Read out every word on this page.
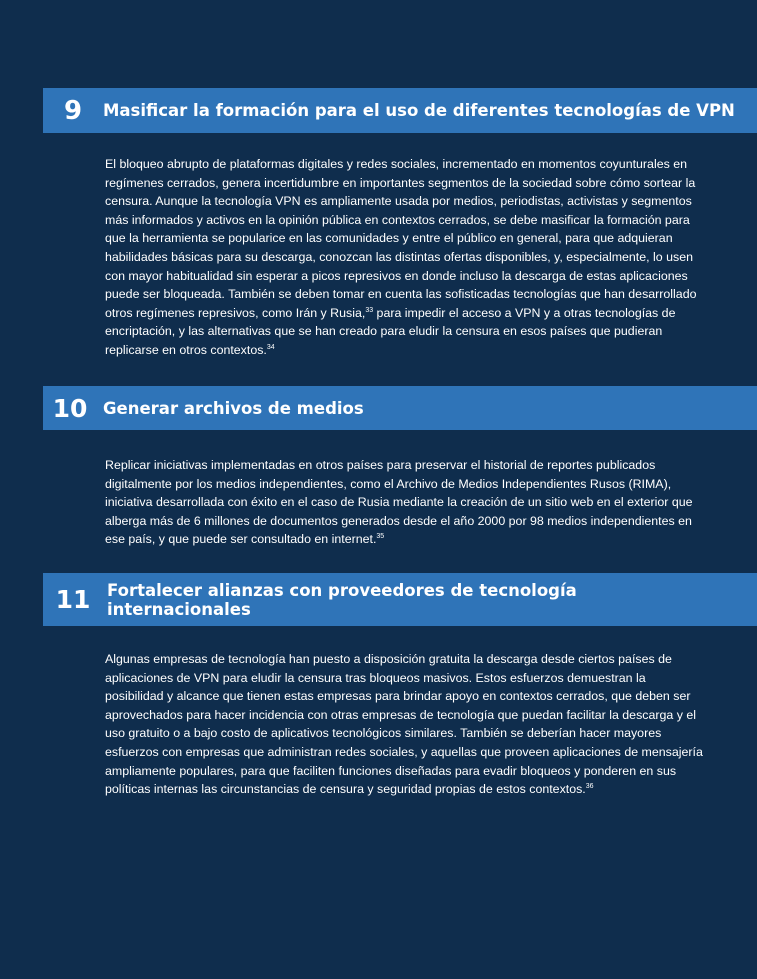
9	Masificar la formación para el uso de diferentes tecnologías de VPN

El bloqueo abrupto de plataformas digitales y redes sociales, incrementado en momentos coyunturales en regímenes cerrados, genera incertidumbre en importantes segmentos de la sociedad sobre cómo sortear la censura. Aunque la tecnología VPN es ampliamente usada por medios, periodistas, activistas y segmentos más informados y activos en la opinión pública en contextos cerrados, se debe masificar la formación para que la herramienta se popularice en las comunidades y entre el público en general, para que adquieran habilidades básicas para su descarga, conozcan las distintas ofertas disponibles, y, especialmente, lo usen con mayor habitualidad sin esperar a picos represivos en donde incluso la descarga de estas aplicaciones puede ser bloqueada. También se deben tomar en cuenta las sofisticadas tecnologías que han desarrollado otros regímenes represivos, como Irán y Rusia,$^{33}$ para impedir el acceso a VPN y a otras tecnologías de encriptación, y las alternativas que se han creado para eludir la censura en esos países que pudieran replicarse en otros contextos.$^{34}$

10 Generar archivos de medios

Replicar iniciativas implementadas en otros países para preservar el historial de reportes publicados digitalmente por los medios independientes, como el Archivo de Medios Independientes Rusos (RIMA), iniciativa desarrollada con éxito en el caso de Rusia mediante la creación de un sitio web en el exterior que alberga más de 6 millones de documentos generados desde el año 2000 por 98 medios independientes en ese país, y que puede ser consultado en internet.$^{35}$

11	Fortalecer alianzas con proveedores de tecnología internacionales

Algunas empresas de tecnología han puesto a disposición gratuita la descarga desde ciertos países de aplicaciones de VPN para eludir la censura tras bloqueos masivos. Estos esfuerzos demuestran la posibilidad y alcance que tienen estas empresas para brindar apoyo en contextos cerrados, que deben ser aprovechados para hacer incidencia con otras empresas de tecnología que puedan facilitar la descarga y el uso gratuito o a bajo costo de aplicativos tecnológicos similares. También se deberían hacer mayores esfuerzos con empresas que administran redes sociales, y aquellas que proveen aplicaciones de mensajería ampliamente populares, para que faciliten funciones diseñadas para evadir bloqueos y ponderen en sus políticas internas las circunstancias de censura y seguridad propias de estos contextos.$^{36}$
